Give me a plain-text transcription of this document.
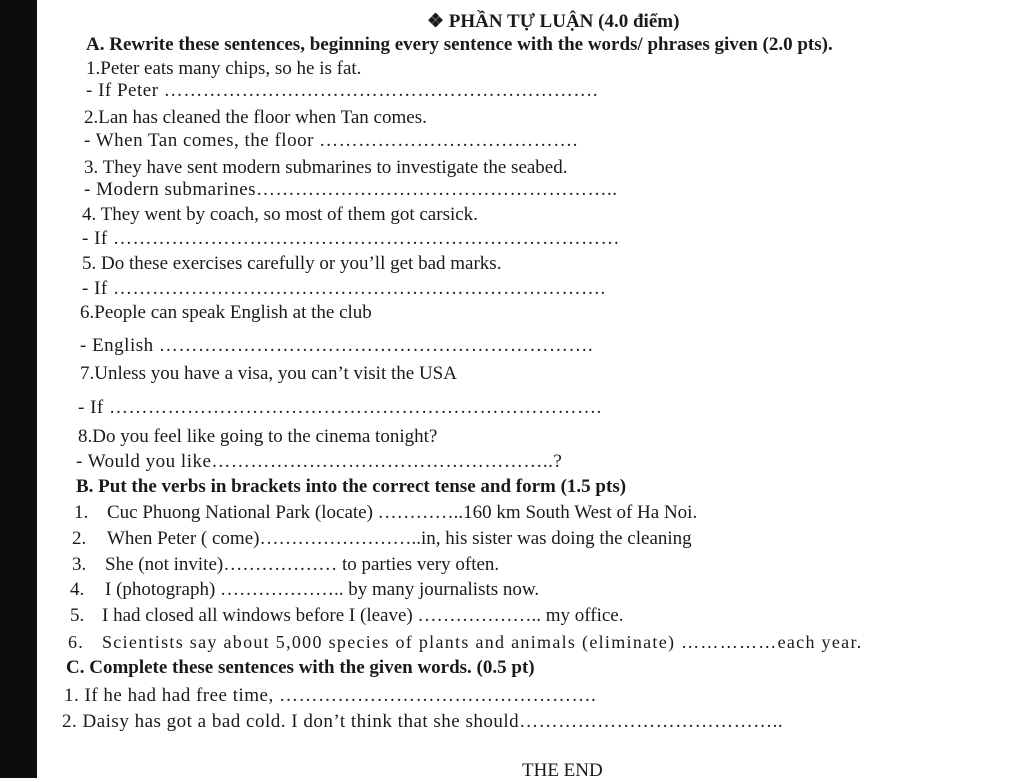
❖ PHẦN TỰ LUẬN (4.0 điểm)
A. Rewrite these sentences, beginning every sentence with the words/ phrases given (2.0 pts).
1.Peter eats many chips, so he is fat.
- If Peter ………………………………………………………….
2.Lan has cleaned the floor when Tan comes.
- When Tan comes, the floor ………………………………….
3. They have sent modern submarines to investigate the seabed.
- Modern submarines………………………………………………..
4. They went by coach, so most of them got carsick.
- If ……………………………………………………………………
5. Do these exercises carefully or you’ll get bad marks.
- If ………………………………………………………………….
6.People can speak English at the club
- English ………………………………………………………….
7.Unless you have a visa, you can’t visit the USA
- If ………………………………………………………………….
8.Do you feel like going to the cinema tonight?
- Would you like……………………………………………..?
B. Put the verbs in brackets into the correct tense and form (1.5 pts)
1. Cuc Phuong National Park (locate) …………..160 km South West of Ha Noi.
2. When Peter ( come)……………………..in, his sister was doing the cleaning
3. She (not invite)……………… to parties very often.
4. I (photograph) ……………….. by many journalists now.
5. I had closed all windows before I (leave) ……………….. my office.
6. Scientists say about 5,000 species of plants and animals (eliminate) ……………each year.
C. Complete these sentences with the given words. (0.5 pt)
1. If he had had free time, ………………………………………….
2. Daisy has got a bad cold. I don’t think that she should…………………………………..
THE END
